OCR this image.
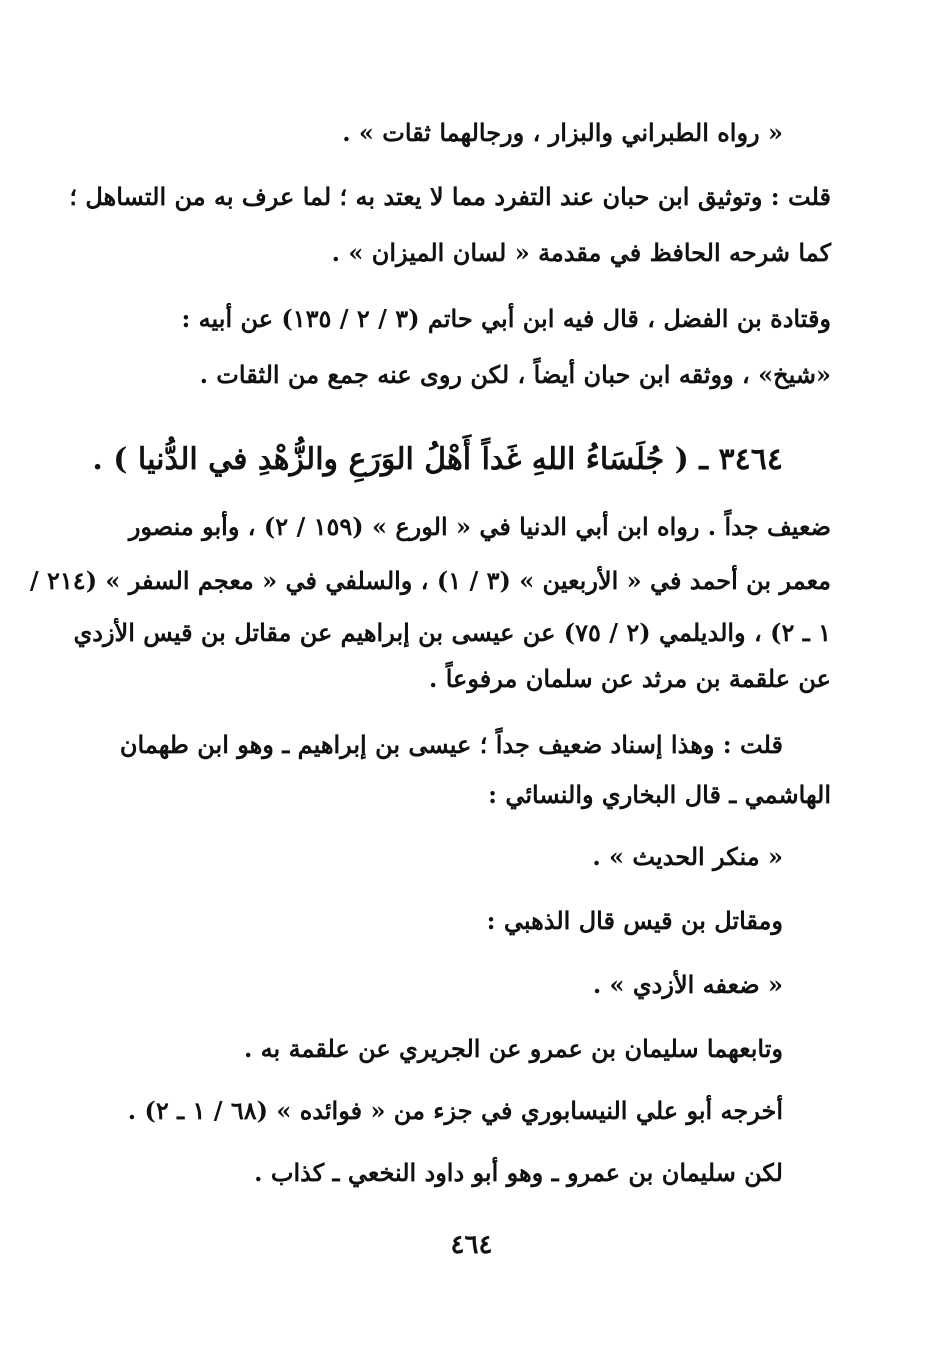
« رواه الطبراني والبزار ، ورجالهما ثقات » .
قلت : وتوثيق ابن حبان عند التفرد مما لا يعتد به ؛ لما عرف به من التساهل ؛
كما شرحه الحافظ في مقدمة « لسان الميزان » .
وقتادة بن الفضل ، قال فيه ابن أبي حاتم (٣ / ٢ / ١٣٥) عن أبيه :
«شيخ» ، ووثقه ابن حبان أيضاً ، لكن روى عنه جمع من الثقات .
٣٤٦٤ ـ ( جُلَسَاءُ اللهِ غَداً أَهْلُ الوَرَعِ والزُّهْدِ في الدُّنيا ) .
ضعيف جداً . رواه ابن أبي الدنيا في « الورع » (١٥٩ / ٢) ، وأبو منصور
معمر بن أحمد في « الأربعين » (٣ / ١) ، والسلفي في « معجم السفر » (٢١٤ /
١ ـ ٢) ، والديلمي (٢ / ٧٥) عن عيسى بن إبراهيم عن مقاتل بن قيس الأزدي
عن علقمة بن مرثد عن سلمان مرفوعاً .
قلت : وهذا إسناد ضعيف جداً ؛ عيسى بن إبراهيم ـ وهو ابن طهمان
الهاشمي ـ قال البخاري والنسائي :
« منكر الحديث » .
ومقاتل بن قيس قال الذهبي :
« ضعفه الأزدي » .
وتابعهما سليمان بن عمرو عن الجريري عن علقمة به .
أخرجه أبو علي النيسابوري في جزء من « فوائده » (٦٨ / ١ ـ ٢) .
لكن سليمان بن عمرو ـ وهو أبو داود النخعي ـ كذاب .
٤٦٤
